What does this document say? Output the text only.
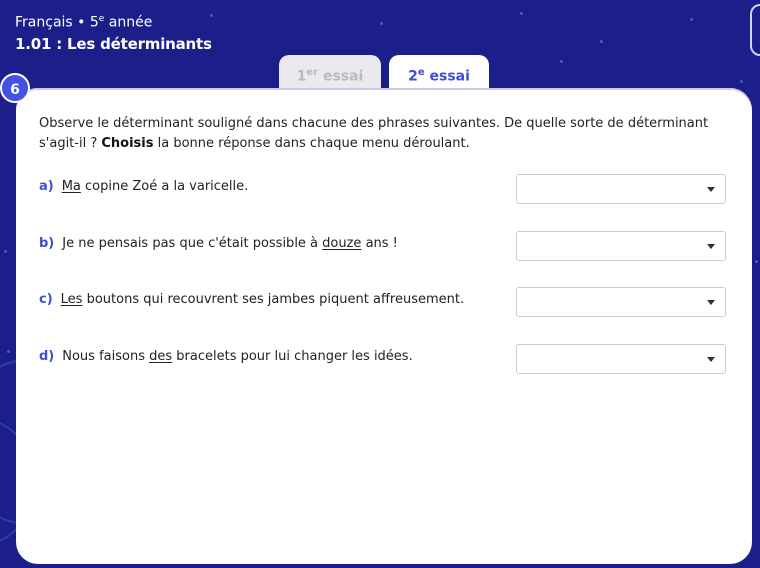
Français • 5e année
1.01 : Les déterminants
1er essai	2e essai
6
Observe le déterminant souligné dans chacune des phrases suivantes. De quelle sorte de déterminant s'agit-il ? Choisis la bonne réponse dans chaque menu déroulant.
a) Ma copine Zoé a la varicelle.
b) Je ne pensais pas que c'était possible à douze ans !
c) Les boutons qui recouvrent ses jambes piquent affreusement.
d) Nous faisons des bracelets pour lui changer les idées.
